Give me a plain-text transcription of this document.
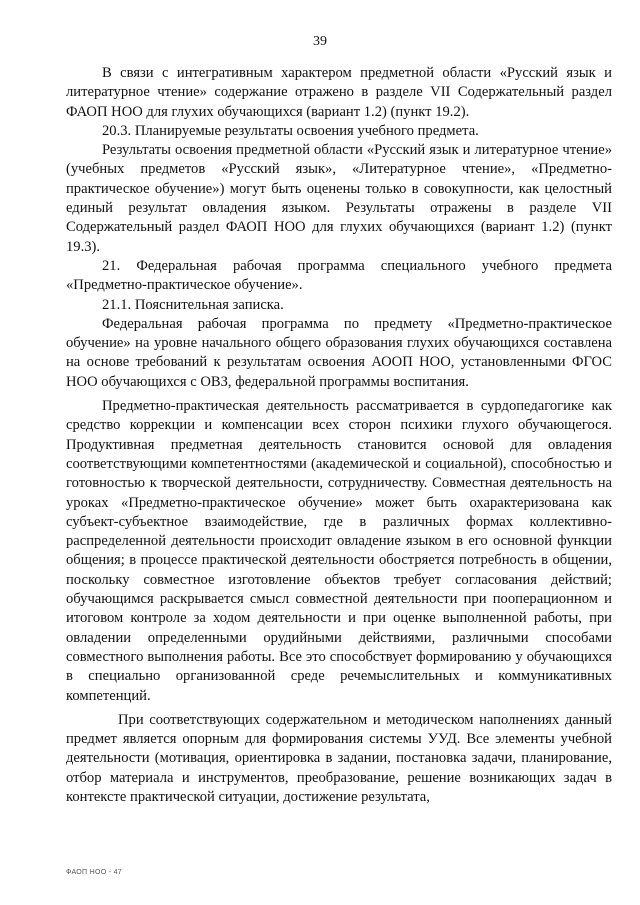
39

В связи с интегративным характером предметной области «Русский язык и литературное чтение» содержание отражено в разделе VII Содержательный раздел ФАОП НОО для глухих обучающихся (вариант 1.2) (пункт 19.2).

20.3. Планируемые результаты освоения учебного предмета.

Результаты освоения предметной области «Русский язык и литературное чтение» (учебных предметов «Русский язык», «Литературное чтение», «Предметно-практическое обучение») могут быть оценены только в совокупности, как целостный единый результат овладения языком. Результаты отражены в разделе VII Содержательный раздел ФАОП НОО для глухих обучающихся (вариант 1.2) (пункт 19.3).

21. Федеральная рабочая программа специального учебного предмета «Предметно-практическое обучение».

21.1. Пояснительная записка.

Федеральная рабочая программа по предмету «Предметно-практическое обучение» на уровне начального общего образования глухих обучающихся составлена на основе требований к результатам освоения АООП НОО, установленными ФГОС НОО обучающихся с ОВЗ, федеральной программы воспитания.

Предметно-практическая деятельность рассматривается в сурдопедагогике как средство коррекции и компенсации всех сторон психики глухого обучающегося. Продуктивная предметная деятельность становится основой для овладения соответствующими компетентностями (академической и социальной), способностью и готовностью к творческой деятельности, сотрудничеству. Совместная деятельность на уроках «Предметно-практическое обучение» может быть охарактеризована как субъект-субъектное взаимодействие, где в различных формах коллективно-распределенной деятельности происходит овладение языком в его основной функции общения; в процессе практической деятельности обостряется потребность в общении, поскольку совместное изготовление объектов требует согласования действий; обучающимся раскрывается смысл совместной деятельности при пооперационном и итоговом контроле за ходом деятельности и при оценке выполненной работы, при овладении определенными орудийными действиями, различными способами совместного выполнения работы. Все это способствует формированию у обучающихся в специально организованной среде речемыслительных и коммуникативных компетенций.

При соответствующих содержательном и методическом наполнениях данный предмет является опорным для формирования системы УУД. Все элементы учебной деятельности (мотивация, ориентировка в задании, постановка задачи, планирование, отбор материала и инструментов, преобразование, решение возникающих задач в контексте практической ситуации, достижение результата,

ФАОП НОО - 47
